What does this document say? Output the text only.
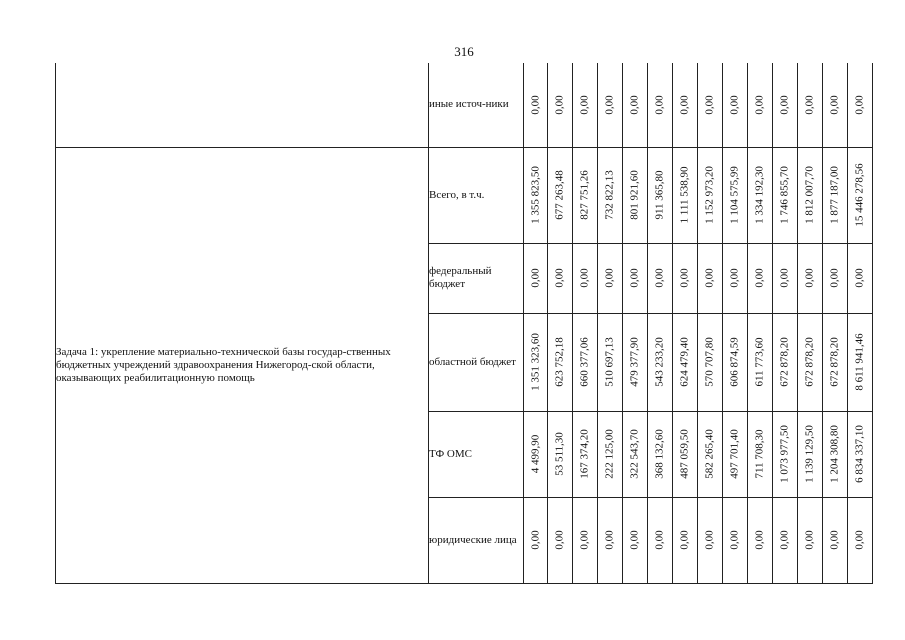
316
	иные источ-ники	0,00	0,00	0,00	0,00	0,00	0,00	0,00	0,00	0,00	0,00	0,00	0,00	0,00	0,00

Задача 1: укрепление материально-технической базы государ-ственных бюджетных учреждений здравоохранения Нижегород-ской области, оказывающих реабилитационную помощь	Всего, в т.ч.	1 355 823,50	677 263,48	827 751,26	732 822,13	801 921,60	911 365,80	1 111 538,90	1 152 973,20	1 104 575,99	1 334 192,30	1 746 855,70	1 812 007,70	1 877 187,00	15 446 278,56

	федеральный бюджет	0,00	0,00	0,00	0,00	0,00	0,00	0,00	0,00	0,00	0,00	0,00	0,00	0,00	0,00

	областной бюджет	1 351 323,60	623 752,18	660 377,06	510 697,13	479 377,90	543 233,20	624 479,40	570 707,80	606 874,59	611 773,60	672 878,20	672 878,20	672 878,20	8 611 941,46

	ТФ ОМС	4 499,90	53 511,30	167 374,20	222 125,00	322 543,70	368 132,60	487 059,50	582 265,40	497 701,40	711 708,30	1 073 977,50	1 139 129,50	1 204 308,80	6 834 337,10

	юридические лица	0,00	0,00	0,00	0,00	0,00	0,00	0,00	0,00	0,00	0,00	0,00	0,00	0,00	0,00
